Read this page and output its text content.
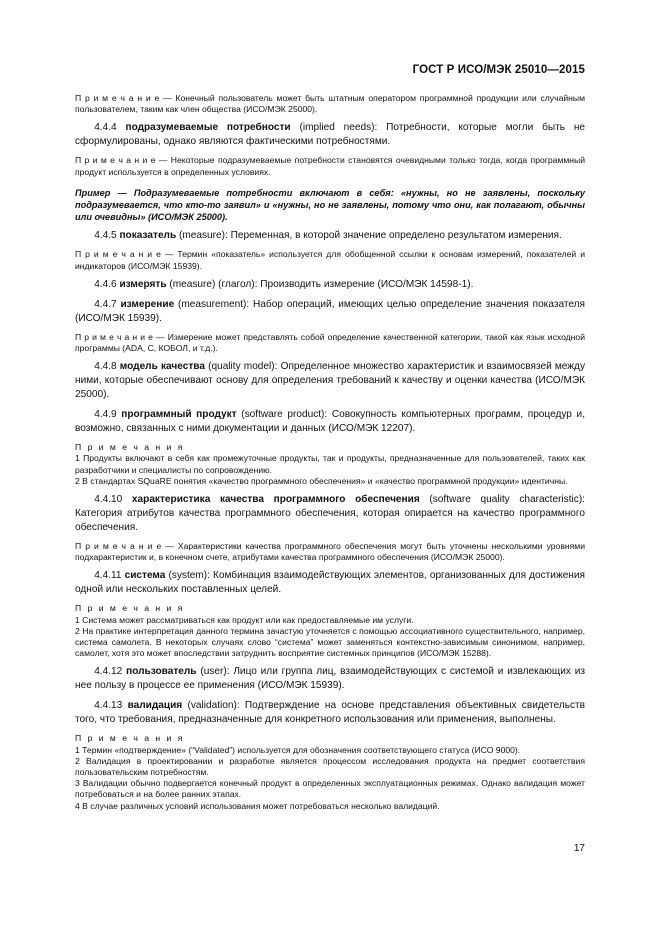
ГОСТ Р ИСО/МЭК 25010—2015
П р и м е ч а н и е — Конечный пользователь может быть штатным оператором программной продукции или случайным пользователем, таким как член общества (ИСО/МЭК 25000).
4.4.4 подразумеваемые потребности (implied needs): Потребности, которые могли быть не сформулированы, однако являются фактическими потребностями.
П р и м е ч а н и е — Некоторые подразумеваемые потребности становятся очевидными только тогда, когда программный продукт используется в определенных условиях.
Пример — Подразумеваемые потребности включают в себя: «нужны, но не заявлены, поскольку подразумевается, что кто-то заявил» и «нужны, но не заявлены, потому что они, как полагают, обычны или очевидны» (ИСО/МЭК 25000).
4.4.5 показатель (measure): Переменная, в которой значение определено результатом измерения.
П р и м е ч а н и е — Термин «показатель» используется для обобщенной ссылки к основам измерений, показателей и индикаторов (ИСО/МЭК 15939).
4.4.6 измерять (measure) (глагол): Производить измерение (ИСО/МЭК 14598-1).
4.4.7 измерение (measurement): Набор операций, имеющих целью определение значения показателя (ИСО/МЭК 15939).
П р и м е ч а н и е — Измерение может представлять собой определение качественной категории, такой как язык исходной программы (ADA, C, КОБОЛ, и т.д.).
4.4.8 модель качества (quality model): Определенное множество характеристик и взаимосвязей между ними, которые обеспечивают основу для определения требований к качеству и оценки качества (ИСО/МЭК 25000).
4.4.9 программный продукт (software product): Совокупность компьютерных программ, процедур и, возможно, связанных с ними документации и данных (ИСО/МЭК 12207).
П р и м е ч а н и я
1 Продукты включают в себя как промежуточные продукты, так и продукты, предназначенные для пользователей, таких как разработчики и специалисты по сопровождению.
2 В стандартах SQuaRE понятия «качество программного обеспечения» и «качество программной продукции» идентичны.
4.4.10 характеристика качества программного обеспечения (software quality characteristic): Категория атрибутов качества программного обеспечения, которая опирается на качество программного обеспечения.
П р и м е ч а н и е — Характеристики качества программного обеспечения могут быть уточнены несколькими уровнями подхарактеристик и, в конечном счете, атрибутами качества программного обеспечения (ИСО/МЭК 25000).
4.4.11 система (system): Комбинация взаимодействующих элементов, организованных для достижения одной или нескольких поставленных целей.
П р и м е ч а н и я
1 Система может рассматриваться как продукт или как предоставляемые им услуги.
2 На практике интерпретация данного термина зачастую уточняется с помощью ассоциативного существительного, например, система самолета. В некоторых случаях слово “система” может заменяться контекстно-зависимым синонимом, например, самолет, хотя это может впоследствии затруднить восприятие системных принципов (ИСО/МЭК 15288).
4.4.12 пользователь (user): Лицо или группа лиц, взаимодействующих с системой и извлекающих из нее пользу в процессе ее применения (ИСО/МЭК 15939).
4.4.13 валидация (validation): Подтверждение на основе представления объективных свидетельств того, что требования, предназначенные для конкретного использования или применения, выполнены.
П р и м е ч а н и я
1 Термин «подтверждение» (“Validated”) используется для обозначения соответствующего статуса (ИСО 9000).
2 Валидация в проектировании и разработке является процессом исследования продукта на предмет соответствия пользовательским потребностям.
3 Валидации обычно подвергается конечный продукт в определенных эксплуатационных режимах. Однако валидация может потребоваться и на более ранних этапах.
4 В случае различных условий использования может потребоваться несколько валидаций.
17
